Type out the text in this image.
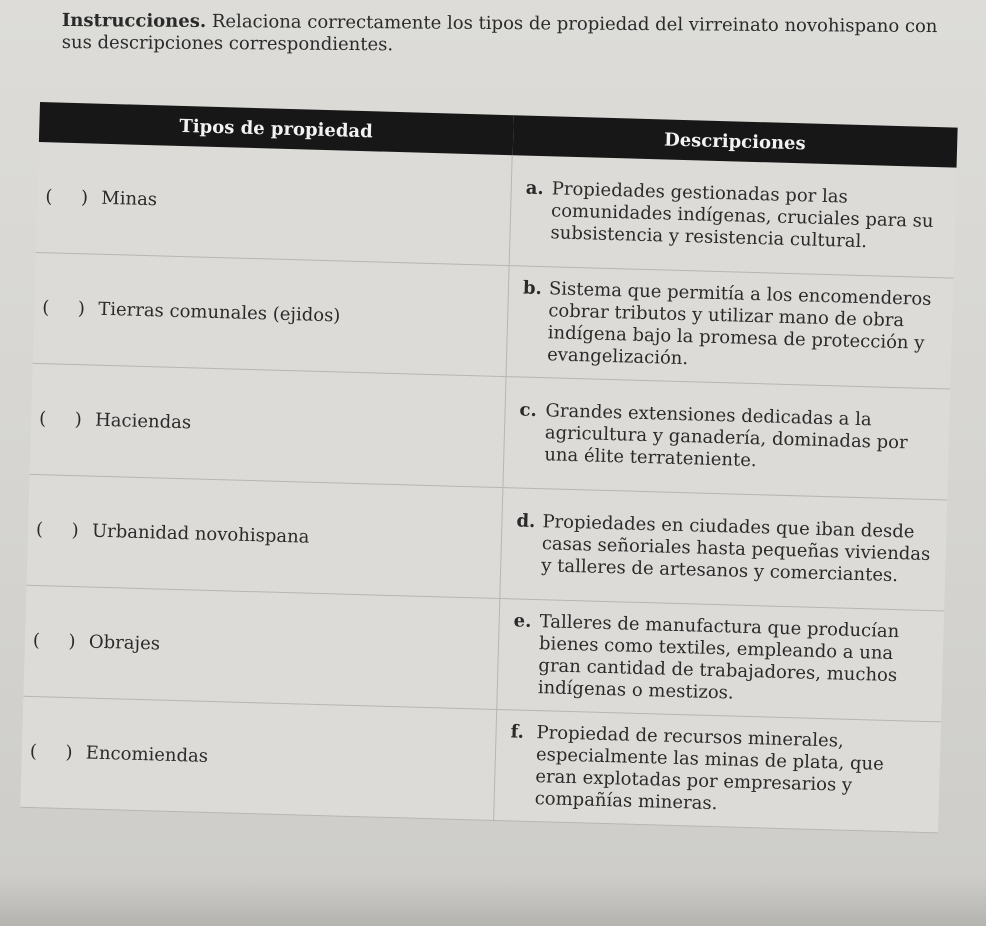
Instrucciones. Relaciona correctamente los tipos de propiedad del virreinato novohispano con sus descripciones correspondientes.
Tipos de propiedad	Descripciones
(     ) Minas	a. Propiedades gestionadas por las comunidades indígenas, cruciales para su subsistencia y resistencia cultural.

(     ) Tierras comunales (ejidos)	b. Sistema que permitía a los encomenderos cobrar tributos y utilizar mano de obra indígena bajo la promesa de protección y evangelización.

(     ) Haciendas	c. Grandes extensiones dedicadas a la agricultura y ganadería, dominadas por una élite terrateniente.

(     ) Urbanidad novohispana	d. Propiedades en ciudades que iban desde casas señoriales hasta pequeñas viviendas y talleres de artesanos y comerciantes.

(     ) Obrajes	e. Talleres de manufactura que producían bienes como textiles, empleando a una gran cantidad de trabajadores, muchos indígenas o mestizos.

(     ) Encomiendas	f. Propiedad de recursos minerales, especialmente las minas de plata, que eran explotadas por empresarios y compañías mineras.
